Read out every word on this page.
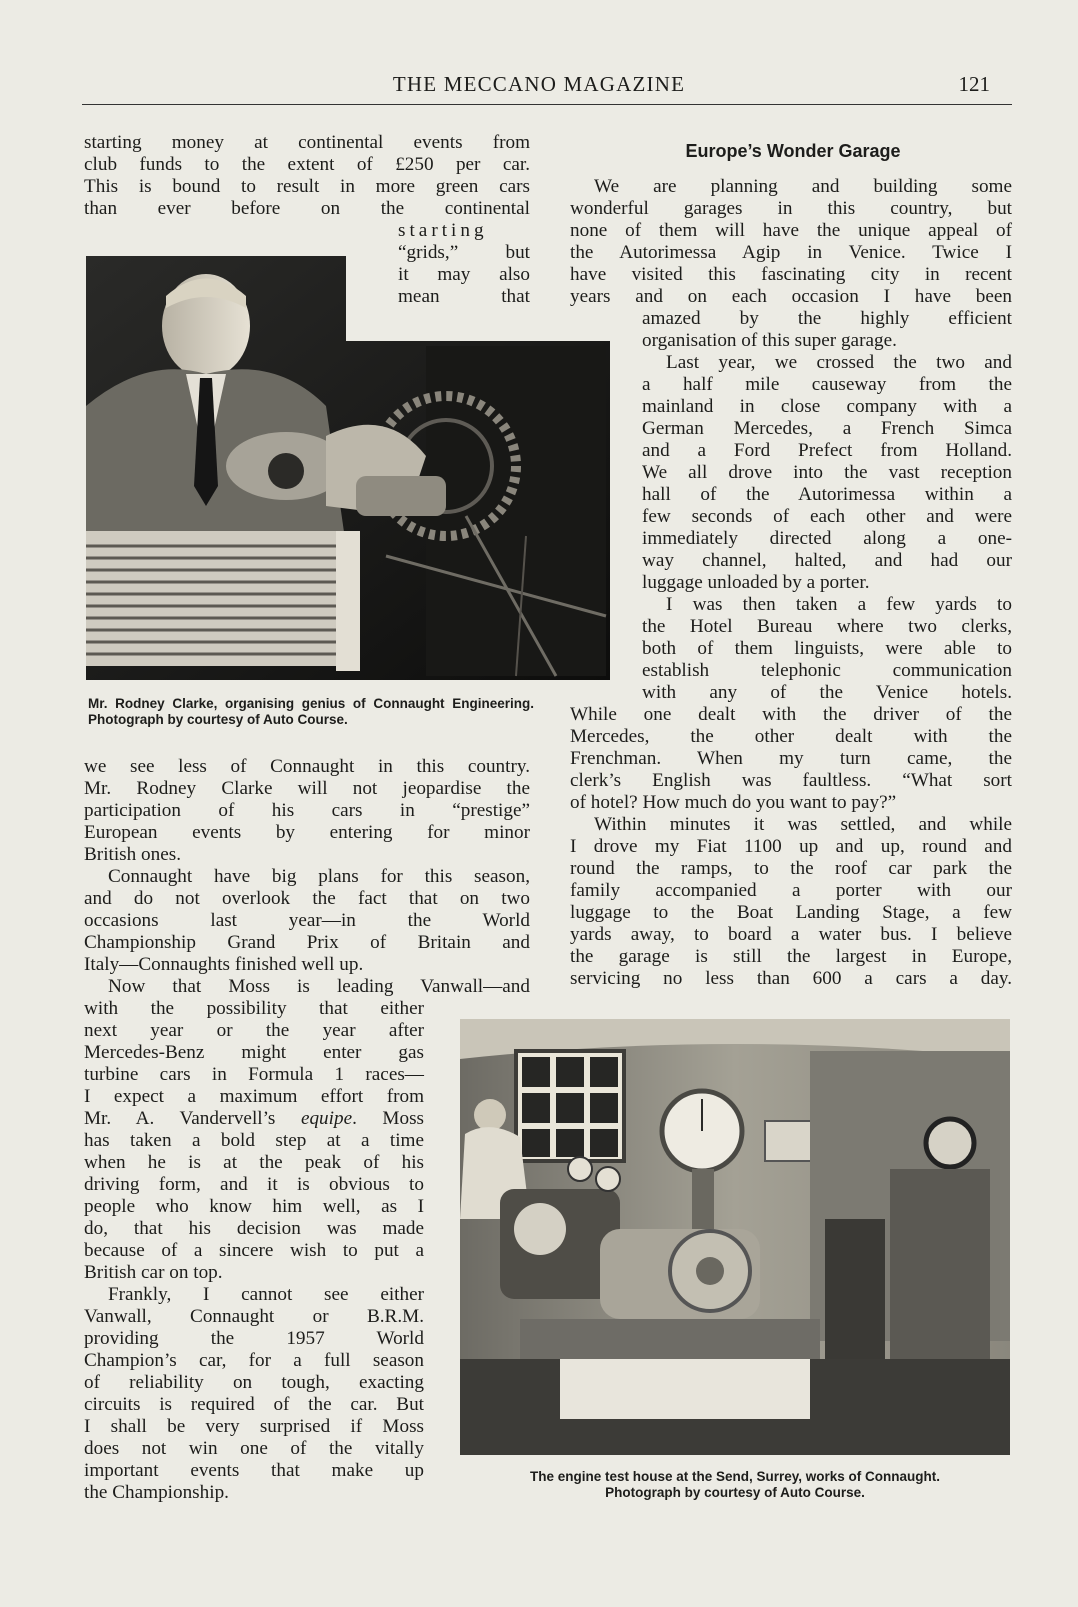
THE MECCANO MAGAZINE	121

starting money at continental events from

club funds to the extent of £250 per car.

This is bound to result in more green cars

than ever before on the continental

starting

“grids,” but

it may also

mean that

Mr. Rodney Clarke, organising genius of Connaught Engineering. Photograph by courtesy of Auto Course.

we see less of Connaught in this country.

Mr. Rodney Clarke will not jeopardise the

participation of his cars in “prestige”

European events by entering for minor

British ones.

Connaught have big plans for this season,

and do not overlook the fact that on two

occasions last year—in the World

Championship Grand Prix of Britain and

Italy—Connaughts finished well up.

Now that Moss is leading Vanwall—and

with the possibility that either

next year or the year after

Mercedes-Benz might enter gas

turbine cars in Formula 1 races—

I expect a maximum effort from

Mr. A. Vandervell’s equipe. Moss

has taken a bold step at a time

when he is at the peak of his

driving form, and it is obvious to

people who know him well, as I

do, that his decision was made

because of a sincere wish to put a

British car on top.

Frankly, I cannot see either

Vanwall, Connaught or B.R.M.

providing the 1957 World

Champion’s car, for a full season

of reliability on tough, exacting

circuits is required of the car. But

I shall be very surprised if Moss

does not win one of the vitally

important events that make up

the Championship.

Europe’s Wonder Garage

We are planning and building some

wonderful garages in this country, but

none of them will have the unique appeal of

the Autorimessa Agip in Venice. Twice I

have visited this fascinating city in recent

years and on each occasion I have been

amazed by the highly efficient

organisation of this super garage.

Last year, we crossed the two and

a half mile causeway from the

mainland in close company with a

German Mercedes, a French Simca

and a Ford Prefect from Holland.

We all drove into the vast reception

hall of the Autorimessa within a

few seconds of each other and were

immediately directed along a one-

way channel, halted, and had our

luggage unloaded by a porter.

I was then taken a few yards to

the Hotel Bureau where two clerks,

both of them linguists, were able to

establish telephonic communication

with any of the Venice hotels.

While one dealt with the driver of the

Mercedes, the other dealt with the

Frenchman. When my turn came, the

clerk’s English was faultless. “What sort

of hotel? How much do you want to pay?”

Within minutes it was settled, and while

I drove my Fiat 1100 up and up, round and

round the ramps, to the roof car park the

family accompanied a porter with our

luggage to the Boat Landing Stage, a few

yards away, to board a water bus. I believe

the garage is still the largest in Europe,

servicing no less than 600 a cars a day.

The engine test house at the Send, Surrey, works of Connaught.
Photograph by courtesy of Auto Course.
